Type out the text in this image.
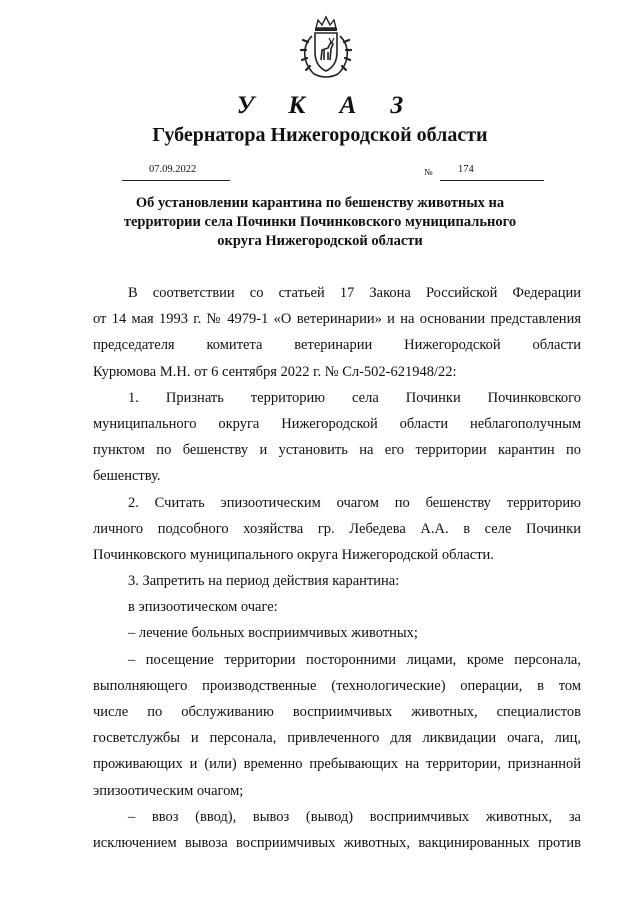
У К А З
Губернатора Нижегородской области
07.09.2022	№ 174
Об установлении карантина по бешенству животных на
территории села Починки Починковского муниципального
округа Нижегородской области
В соответствии со статьей 17 Закона Российской Федерации
от 14 мая 1993 г. № 4979-1 «О ветеринарии» и на основании представления
председателя комитета ветеринарии Нижегородской области
Курюмова М.Н. от 6 сентября 2022 г. № Сл-502-621948/22:
1. Признать территорию села Починки Починковского
муниципального округа Нижегородской области неблагополучным
пунктом по бешенству и установить на его территории карантин по
бешенству.
2. Считать эпизоотическим очагом по бешенству территорию
личного подсобного хозяйства гр. Лебедева А.А. в селе Починки
Починковского муниципального округа Нижегородской области.
3. Запретить на период действия карантина:
в эпизоотическом очаге:
– лечение больных восприимчивых животных;
– посещение территории посторонними лицами, кроме персонала,
выполняющего производственные (технологические) операции, в том
числе по обслуживанию восприимчивых животных, специалистов
госветслужбы и персонала, привлеченного для ликвидации очага, лиц,
проживающих и (или) временно пребывающих на территории, признанной
эпизоотическим очагом;
– ввоз (ввод), вывоз (вывод) восприимчивых животных, за
исключением вывоза восприимчивых животных, вакцинированных против
